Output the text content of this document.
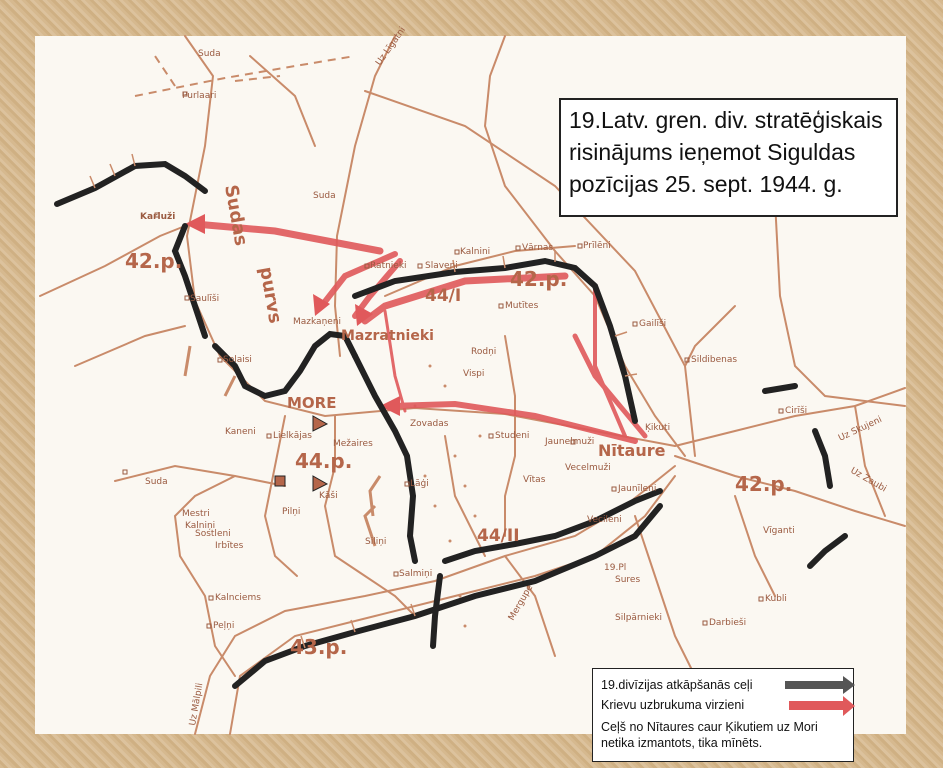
42.p.
42.p.
42.p.
44.p.
43.p.
44/I
44/II
MORE
Nītaure
Mazratnieki
Sudas
purvs
Suda
Purlaari
Karluži
Saulīši
Solaisi
Mazkaņeni
Ratnieki Slaveni
Kalnini	Vārnas	Prīlēni
Mutītes
Gailīši
Rodņi
Vispi
Sildibenas
Kaneni Lielkājas
Mežaires
Zovadas
Studeni
Jaunelmuži
Ķikuti
Cirīši
Lāģi
Vecelmuži
Vītas
Jaunīleni
Suda
Mestri
Kalniņi
Sostleni
Pilņi
Kāši
Irbītes	Siliņi
Vecileni
Vīganti
Salmiņi
Sures
19.Pl
Kubli
Kalnciems
Peļņi	Darbieši
Silpārnieki
Mergupe
Uz Līgatni
Uz Skujeni
Uz Zaubi
Uz Mālpili
Suda
19.Latv. gren. div. stratēģiskais
risinājums ieņemot Siguldas
pozīcijas 25. sept. 1944. g.
19.divīzijas atkāpšanās ceļi
Krievu uzbrukuma virzieni
Ceļš no Nītaures caur Ķikutiem uz Mori
netika izmantots, tika mīnēts.
